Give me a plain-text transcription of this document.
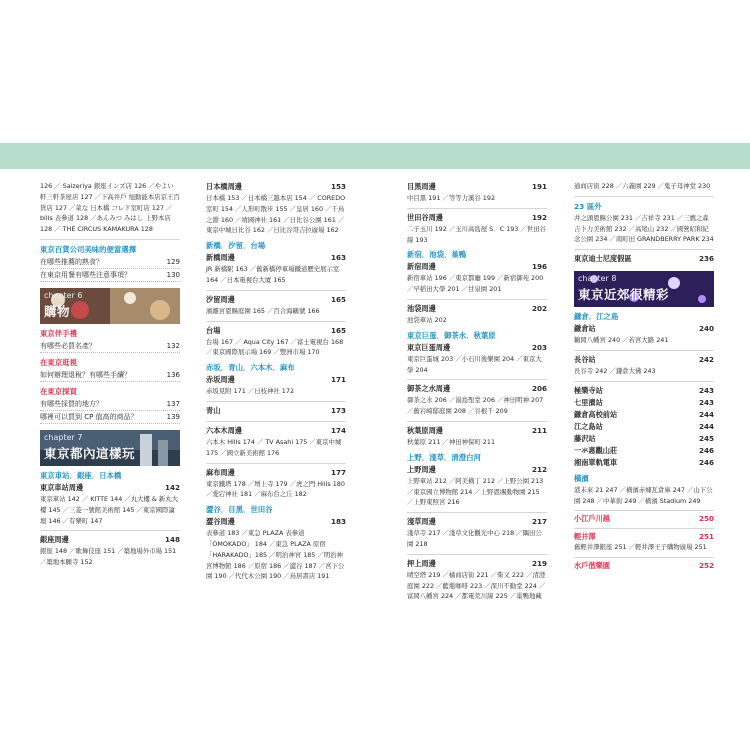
126 ／ Saizeriya 銀座インズ店 126 ／やよい軒三軒茶屋店 127 ／下高井戶 旭動能本店京王百貨店 127 ／菜な 日本橋 コレド室町店 127 ／ bills 表參道 128 ／あんみつ みはし 上野本店 128 ／ THE CIRCUS KAMAKURA 128
東京百貨公司美味的便當選擇
在哪些推薦的熟食？	129
在東京用餐有哪些注意事項？	130
chapter 6
購物
東京伴手禮
有哪些必買名產？	132
在東京逛視
如何辦理退稅？有哪些手續？	136
在東京採買
有哪些採買的地方？	137
哪裡可以買到 CP 值高的商品？	139
chapter 7
東京都內這樣玩
東京車站．銀座．日本橋
東京車站周邊	142
東京車站 142 ／ KITTE 144 ／丸大樓 & 新丸大樓 145 ／三菱一號館美術館 145 ／東京國際論壇 146 ／有樂町 147
銀座周邊	148
銀座 148 ／歌舞伎座 151 ／築地場外市場 151 ／築地本願寺 152
日本橋周邊	153
日本橋 153 ／日本橋三越本店 154 ／ COREDO 室町 154 ／人形町散步 155 ／皇居 160 ／千鳥之淵 160 ／靖國神社 161 ／日比谷公園 161 ／東京中城日比谷 162 ／日比谷哥吉拉廣場 162
新橋．汐留．台場
新橋周邊	163
JR 新橋駅 163 ／舊新橋停車場鐵道歷史展示室 164 ／日本電視台大廈 165
汐留周邊	165
濱離宮恩賜庭園 165 ／百合海鷗號 166
台場	165
台場 167 ／ Aqua City 167 ／富士電視台 168 ／東京國際展示場 169 ／豐洲市場 170
赤坂．青山．六本木．麻布
赤坂周邊	171
赤坂見附 171 ／日枝神社 172
青山	173
六本木周邊	174
六本木 Hills 174 ／ TV Asahi 175 ／東京中城 175 ／國立新美術館 176
麻布周邊	177
東京鐵塔 178 ／增上寺 179 ／虎之門 Hills 180 ／愛宕神社 181 ／麻布台之丘 182
澀谷．目黑．世田谷
澀谷周邊	183
表參道 183 ／東急 PLAZA 表參道「OMOKADO」 184 ／東急 PLAZA 原宿「HARAKADO」185 ／明治神宮 185 ／明治神宮博物館 186 ／原宿 186 ／澀谷 187 ／宮下公園 190 ／代代木公園 190 ／鳥居書店 191
目黑周邊	191
中目黑 191 ／等等力溪谷 192
世田谷周邊	192
二子玉川 192 ／玉川高島屋 S．C 193 ／世田谷線 193
新宿．池袋．巢鴨
新宿周邊	196
新宿車站 196 ／東京都廳 199 ／新宿御苑 200 ／早稻田大學 201 ／甘泉園 201
池袋周邊	202
池袋車站 202
東京巨蛋．御茶水．秋葉原
東京巨蛋周邊	203
東京巨蛋城 203 ／小石川後樂園 204 ／東京大學 204
御茶之水周邊	206
御茶之水 206 ／湯島聖堂 206 ／神田明神 207 ／舊岩崎邸庭園 208 ／谷根千 209
秋葉原周邊	211
秋葉原 211 ／神田神保町 211
上野．淺草．清澄白河
上野周邊	212
上野車站 212 ／阿美橫丁 212 ／上野公園 213 ／東京國立博物館 214 ／上野恩賜動物園 215 ／上野東照宮 216
淺草周邊	217
淺草寺 217 ／淺草文化觀光中心 218 ／隅田公園 218
押上周邊	219
晴空塔 219 ／橘商店街 221 ／柴又 222 ／清澄庭園 222 ／藍瓶咖啡 223 ／深川不動堂 224 ／富岡八幡宮 224 ／都電荒川線 225 ／巢鴨地藏
通商店街 228 ／六義園 229 ／鬼子母神堂 230
23 區外
井之頭恩賜公園 231 ／吉祥寺 231 ／三鷹之森吉卜力美術館 232 ／高尾山 232 ／國營昭和紀念公園 234 ／南町田 GRANDBERRY PARK 234
東京迪士尼度假區	236
chapter 8
東京近郊很精彩
鎌倉．江之島
鎌倉站	240
鶴岡八幡宮 240 ／若宮大路 241
長谷站	242
長谷寺 242 ／鎌倉大佛 243
極樂寺站	243
七里濱站	243
鎌倉高校前站	244
江之島站	244
藤沢站	245
一氺惠觀山莊	246
湘南單軌電車	246
橫濱
港未來 21 247 ／橫濱赤煉瓦倉庫 247 ／山下公園 248 ／中華街 249 ／橫濱 Stadium 249
小江戶川越	250
輕井澤	251
舊輕井澤銀座 251 ／輕井澤王子購物廣場 251
水戶偕樂園	252
